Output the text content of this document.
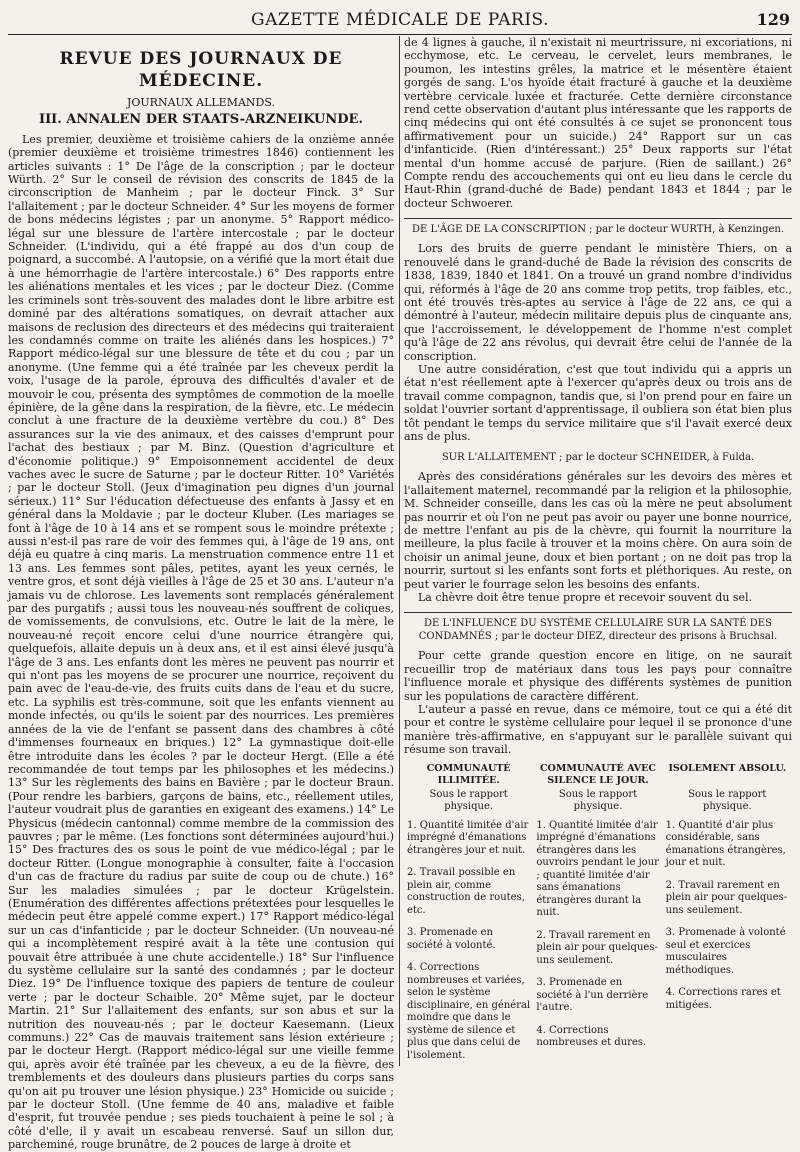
GAZETTE MÉDICALE DE PARIS.	129
REVUE DES JOURNAUX DE MÉDECINE.
JOURNAUX ALLEMANDS.
III. ANNALEN DER STAATS-ARZNEIKUNDE.

Les premier, deuxième et troisième cahiers de la onzième année (premier deuxième et troisième trimestres 1846) contiennent les articles suivants : 1° De l'âge de la conscription ; par le docteur Würth. 2° Sur le conseil de révision des conscrits de 1845 de la circonscription de Manheim ; par le docteur Finck. 3° Sur l'allaitement ; par le docteur Schneider. 4° Sur les moyens de former de bons médecins légistes ; par un anonyme. 5° Rapport médico-légal sur une blessure de l'artère intercostale ; par le docteur Schneider. (L'individu, qui a été frappé au dos d'un coup de poignard, a succombé. A l'autopsie, on a vérifié que la mort était due à une hémorrhagie de l'artère intercostale.) 6° Des rapports entre les aliénations mentales et les vices ; par le docteur Diez. (Comme les criminels sont très-souvent des malades dont le libre arbitre est dominé par des altérations somatiques, on devrait attacher aux maisons de reclusion des directeurs et des médecins qui traiteraient les condamnés comme on traite les aliénés dans les hospices.) 7° Rapport médico-légal sur une blessure de tête et du cou ; par un anonyme. (Une femme qui a été traînée par les cheveux perdit la voix, l'usage de la parole, éprouva des difficultés d'avaler et de mouvoir le cou, présenta des symptômes de commotion de la moelle épinière, de la gêne dans la respiration, de la fièvre, etc. Le médecin conclut à une fracture de la deuxième vertèbre du cou.) 8° Des assurances sur la vie des animaux, et des caisses d'emprunt pour l'achat des bestiaux ; par M. Binz. (Question d'agriculture et d'économie politique.) 9° Empoisonnement accidentel de deux vaches avec le sucre de Saturne ; par le docteur Ritter. 10° Variétés ; par le docteur Stoll. (Jeux d'imagination peu dignes d'un journal sérieux.) 11° Sur l'éducation défectueuse des enfants à Jassy et en général dans la Moldavie ; par le docteur Kluber. (Les mariages se font à l'âge de 10 à 14 ans et se rompent sous le moindre prétexte ; aussi n'est-il pas rare de voir des femmes qui, à l'âge de 19 ans, ont déjà eu quatre à cinq maris. La menstruation commence entre 11 et 13 ans. Les femmes sont pâles, petites, ayant les yeux cernés, le ventre gros, et sont déjà vieilles à l'âge de 25 et 30 ans. L'auteur n'a jamais vu de chlorose. Les lavements sont remplacés généralement par des purgatifs ; aussi tous les nouveau-nés souffrent de coliques, de vomissements, de convulsions, etc. Outre le lait de la mère, le nouveau-né reçoit encore celui d'une nourrice étrangère qui, quelquefois, allaite depuis un à deux ans, et il est ainsi élevé jusqu'à l'âge de 3 ans. Les enfants dont les mères ne peuvent pas nourrir et qui n'ont pas les moyens de se procurer une nourrice, reçoivent du pain avec de l'eau-de-vie, des fruits cuits dans de l'eau et du sucre, etc. La syphilis est très-commune, soit que les enfants viennent au monde infectés, ou qu'ils le soient par des nourrices. Les premières années de la vie de l'enfant se passent dans des chambres à côté d'immenses fourneaux en briques.) 12° La gymnastique doit-elle être introduite dans les écoles ? par le docteur Hergt. (Elle a été recommandée de tout temps par les philosophes et les médecins.) 13° Sur les règlements des bains en Bavière ; par le docteur Braun. (Pour rendre les barbiers, garçons de bains, etc., réellement utiles, l'auteur voudrait plus de garanties en exigeant des examens.) 14° Le Physicus (médecin cantonnal) comme membre de la commission des pauvres ; par le même. (Les fonctions sont déterminées aujourd'hui.) 15° Des fractures des os sous le point de vue médico-légal ; par le docteur Ritter. (Longue monographie à consulter, faite à l'occasion d'un cas de fracture du radius par suite de coup ou de chute.) 16° Sur les maladies simulées ; par le docteur Krügelstein. (Enumération des différentes affections prétextées pour lesquelles le médecin peut être appelé comme expert.) 17° Rapport médico-légal sur un cas d'infanticide ; par le docteur Schneider. (Un nouveau-né qui a incomplètement respiré avait à la tête une contusion qui pouvait être attribuée à une chute accidentelle.) 18° Sur l'influence du système cellulaire sur la santé des condamnés ; par le docteur Diez. 19° De l'influence toxique des papiers de tenture de couleur verte ; par le docteur Schaible. 20° Même sujet, par le docteur Martin. 21° Sur l'allaitement des enfants, sur son abus et sur la nutrition des nouveau-nés ; par le docteur Kaesemann. (Lieux communs.) 22° Cas de mauvais traitement sans lésion extérieure ; par le docteur Hergt. (Rapport médico-légal sur une vieille femme qui, après avoir été traînée par les cheveux, a eu de la fièvre, des tremblements et des douleurs dans plusieurs parties du corps sans qu'on ait pu trouver une lésion physique.) 23° Homicide ou suicide ; par le docteur Stoll. (Une femme de 40 ans, maladive et faible d'esprit, fut trouvée pendue ; ses pieds touchaient à peine le sol ; à côté d'elle, il y avait un escabeau renversé. Sauf un sillon dur, parcheminé, rouge brunâtre, de 2 pouces de large à droite et

de 4 lignes à gauche, il n'existait ni meurtrissure, ni excoriations, ni ecchymose, etc. Le cerveau, le cervelet, leurs membranes, le poumon, les intestins grêles, la matrice et le mésentère étaient gorgés de sang. L'os hyoïde était fracturé à gauche et la deuxième vertèbre cervicale luxée et fracturée. Cette dernière circonstance rend cette observation d'autant plus intéressante que les rapports de cinq médecins qui ont été consultés à ce sujet se prononcent tous affirmativement pour un suicide.) 24° Rapport sur un cas d'infanticide. (Rien d'intéressant.) 25° Deux rapports sur l'état mental d'un homme accusé de parjure. (Rien de saillant.) 26° Compte rendu des accouchements qui ont eu lieu dans le cercle du Haut-Rhin (grand-duché de Bade) pendant 1843 et 1844 ; par le docteur Schwoerer.

DE L'ÂGE DE LA CONSCRIPTION ; par le docteur WURTH, à Kenzingen.

Lors des bruits de guerre pendant le ministère Thiers, on a renouvelé dans le grand-duché de Bade la révision des conscrits de 1838, 1839, 1840 et 1841. On a trouvé un grand nombre d'individus qui, réformés à l'âge de 20 ans comme trop petits, trop faibles, etc., ont été trouvés très-aptes au service à l'âge de 22 ans, ce qui a démontré à l'auteur, médecin militaire depuis plus de cinquante ans, que l'accroissement, le développement de l'homme n'est complet qu'à l'âge de 22 ans révolus, qui devrait être celui de l'année de la conscription.

Une autre considération, c'est que tout individu qui a appris un état n'est réellement apte à l'exercer qu'après deux ou trois ans de travail comme compagnon, tandis que, si l'on prend pour en faire un soldat l'ouvrier sortant d'apprentissage, il oubliera son état bien plus tôt pendant le temps du service militaire que s'il l'avait exercé deux ans de plus.

SUR L'ALLAITEMENT ; par le docteur SCHNEIDER, à Fulda.

Après des considérations générales sur les devoirs des mères et l'allaitement maternel, recommandé par la religion et la philosophie, M. Schneider conseille, dans les cas où la mère ne peut absolument pas nourrir et où l'on ne peut pas avoir ou payer une bonne nourrice, de mettre l'enfant au pis de la chèvre, qui fournit la nourriture la meilleure, la plus facile à trouver et la moins chère. On aura soin de choisir un animal jeune, doux et bien portant ; on ne doit pas trop la nourrir, surtout si les enfants sont forts et pléthoriques. Au reste, on peut varier le fourrage selon les besoins des enfants.

La chèvre doit être tenue propre et recevoir souvent du sel.

DE L'INFLUENCE DU SYSTÈME CELLULAIRE SUR LA SANTÉ DES CONDAMNÉS ; par le docteur DIEZ, directeur des prisons à Bruchsal.

Pour cette grande question encore en litige, on ne saurait recueillir trop de matériaux dans tous les pays pour connaître l'influence morale et physique des différents systèmes de punition sur les populations de caractère différent.

L'auteur a passé en revue, dans ce mémoire, tout ce qui a été dit pour et contre le système cellulaire pour lequel il se prononce d'une manière très-affirmative, en s'appuyant sur le parallèle suivant qui résume son travail.

COMMUNAUTÉ ILLIMITÉE.
Sous le rapport physique.
1. Quantité limitée d'air imprégné d'émanations étrangères jour et nuit.
2. Travail possible en plein air, comme construction de routes, etc.
3. Promenade en société à volonté.
4. Corrections nombreuses et variées, selon le système disciplinaire, en général moindre que dans le système de silence et plus que dans celui de l'isolement.
COMMUNAUTÉ AVEC SILENCE LE JOUR.
Sous le rapport physique.
1. Quantité limitée d'air imprégné d'émanations étrangères dans les ouvroirs pendant le jour ; quantité limitée d'air sans émanations étrangères durant la nuit.
2. Travail rarement en plein air pour quelques-uns seulement.
3. Promenade en société à l'un derrière l'autre.
4. Corrections nombreuses et dures.
ISOLEMENT ABSOLU.
Sous le rapport physique.
1. Quantité d'air plus considérable, sans émanations étrangères, jour et nuit.
2. Travail rarement en plein air pour quelques-uns seulement.
3. Promenade à volonté seul et exercices musculaires méthodiques.
4. Corrections rares et mitigées.
